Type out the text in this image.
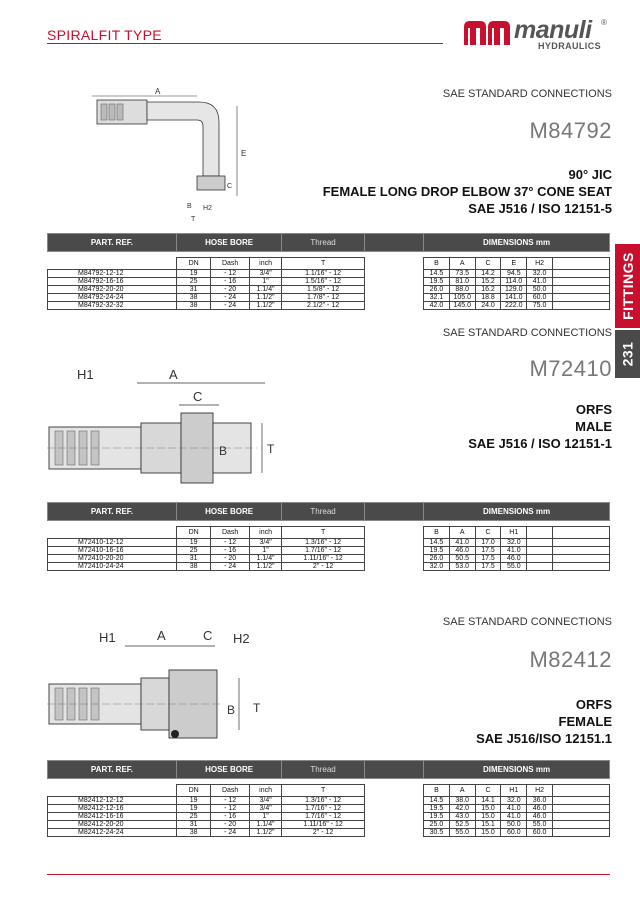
SPIRALFIT TYPE	manuli ®
HYDRAULICS
FITTINGS
231
SAE STANDARD CONNECTIONS
M84792
90° JIC
FEMALE LONG DROP ELBOW 37° CONE SEAT
SAE J516 / ISO 12151-5
A
E
C
B H2
T
PART. REF.	HOSE BORE			Thread		DIMENSIONS mm					

	DN	Dash	inch	T		B	A	C	E	H2	
M84792-12-12	19	- 12	3/4"	1.1/16" - 12		14.5	73.5	14.2	94.5	32.0	
M84792-16-16	25	- 16	1"	1.5/16" - 12		19.5	81.0	15.2	114.0	41.0	
M84792-20-20	31	- 20	1.1/4"	1.5/8" - 12		26.0	88.0	16.2	129.0	50.0	
M84792-24-24	38	- 24	1.1/2"	1.7/8" - 12		32.1	105.0	18.8	141.0	60.0	
M84792-32-32	38	- 24	1.1/2"	2.1/2" - 12		42.0	145.0	24.0	222.0	75.0	
SAE STANDARD CONNECTIONS
M72410
ORFS
MALE
SAE J516 / ISO 12151-1
H1	A
C
B	T
PART. REF.	HOSE BORE			Thread		DIMENSIONS mm					

	DN	Dash	inch	T		B	A	C	H1		
M72410-12-12	19	- 12	3/4"	1.3/16" - 12		14.5	41.0	17.0	32.0		
M72410-16-16	25	- 16	1"	1.7/16" - 12		19.5	46.0	17.5	41.0		
M72410-20-20	31	- 20	1.1/4"	1.11/16" - 12		26.0	50.5	17.5	46.0		
M72410-24-24	38	- 24	1.1/2"	2" - 12		32.0	53.0	17.5	55.0		
SAE STANDARD CONNECTIONS
M82412
ORFS
FEMALE
SAE J516/ISO 12151.1
H1	A	C H2
B T
PART. REF.	HOSE BORE			Thread		DIMENSIONS mm					

	DN	Dash	inch	T		B	A	C	H1	H2	
M82412-12-12	19	- 12	3/4"	1.3/16" - 12		14.5	38.0	14.1	32.0	36.0	
M82412-12-16	19	- 12	3/4"	1.7/16" - 12		19.5	42.0	15.0	41.0	46.0	
M82412-16-16	25	- 16	1"	1.7/16" - 12		19.5	43.0	15.0	41.0	46.0	
M82412-20-20	31	- 20	1.1/4"	1.11/16" - 12		25.0	52.5	15.1	50.0	55.0	
M82412-24-24	38	- 24	1.1/2"	2" - 12		30.5	55.0	15.0	60.0	60.0	
